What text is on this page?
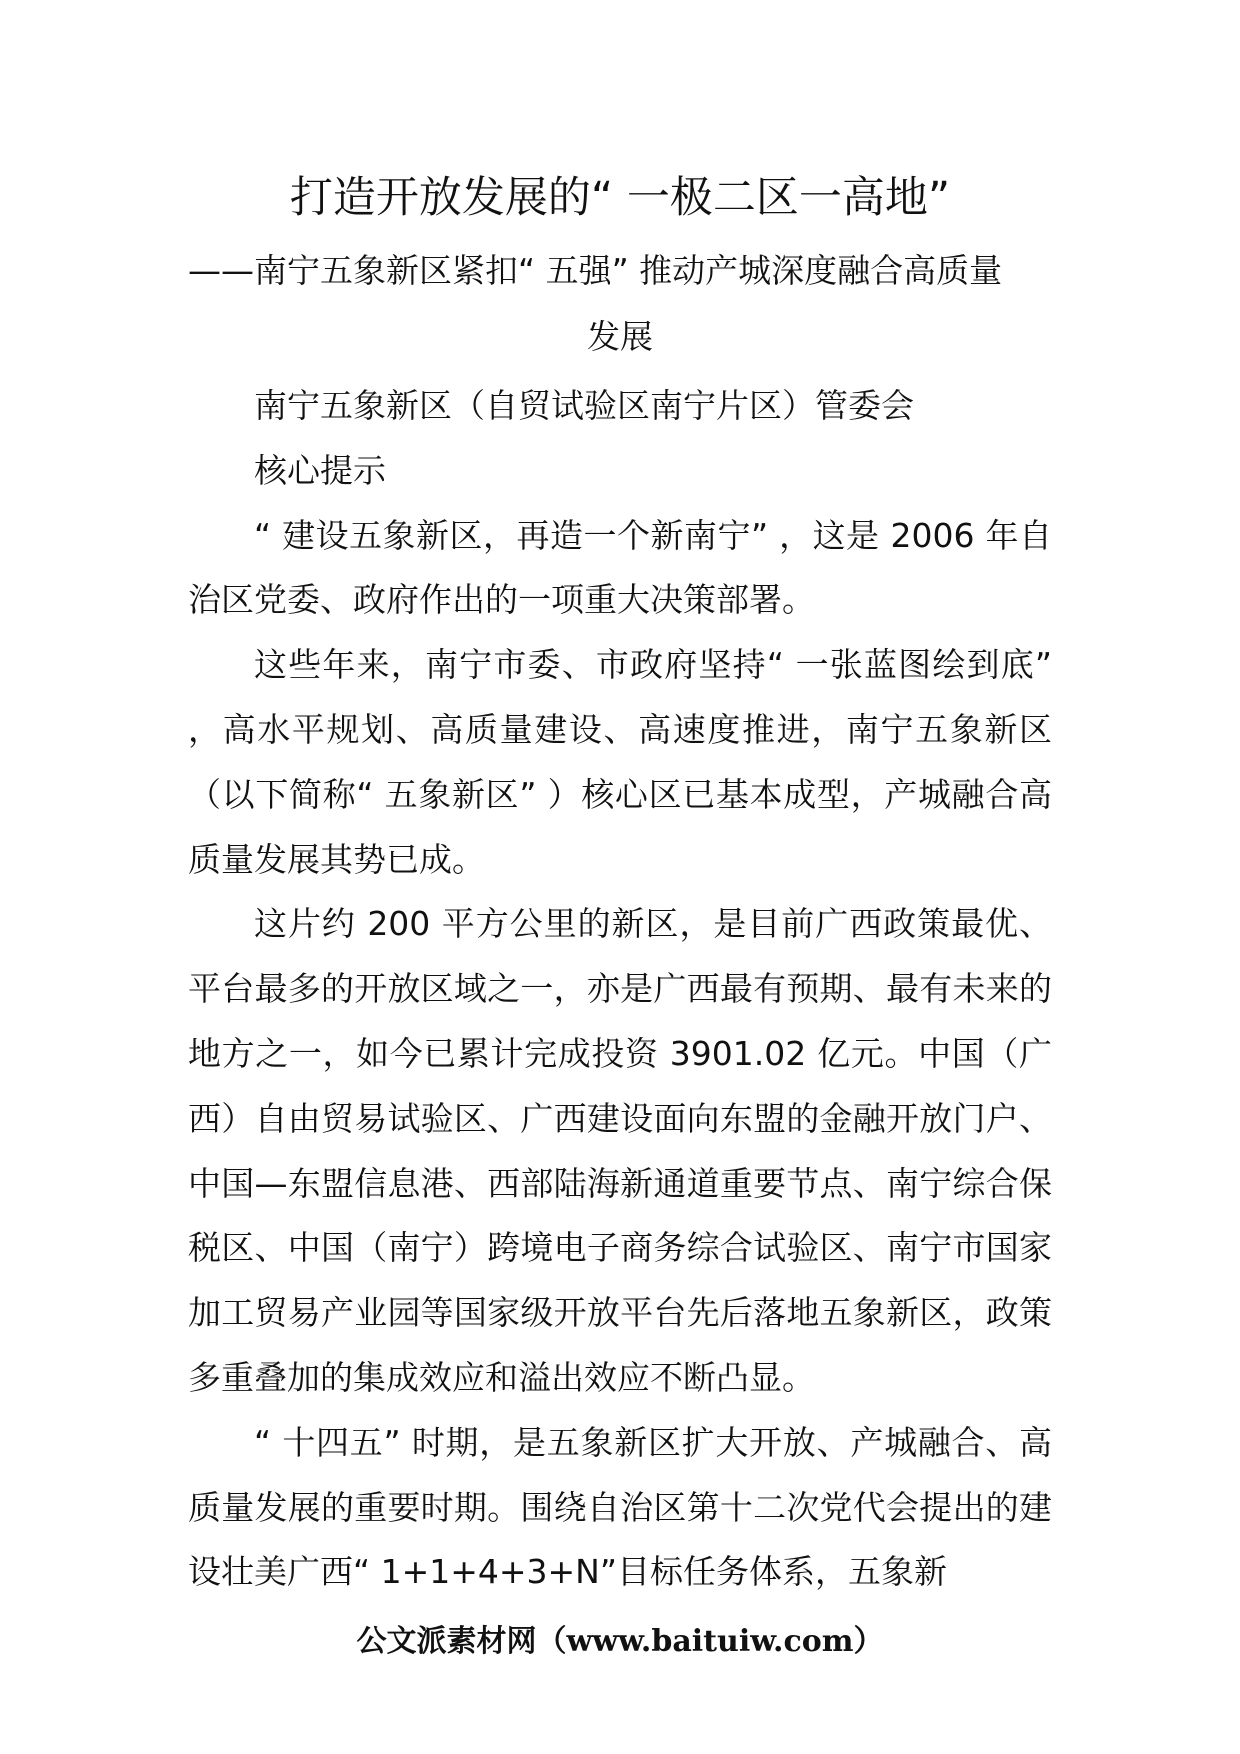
打造开放发展的“ 一极二区一高地”
——南宁五象新区紧扣“ 五强” 推动产城深度融合高质量
发展

南宁五象新区（自贸试验区南宁片区）管委会

核心提示

“ 建设五象新区，再造一个新南宁” ，这是 2006 年自治区党委、政府作出的一项重大决策部署。

这些年来，南宁市委、市政府坚持“ 一张蓝图绘到底” ，高水平规划、高质量建设、高速度推进，南宁五象新区（以下简称“ 五象新区” ）核心区已基本成型，产城融合高质量发展其势已成。

这片约 200 平方公里的新区，是目前广西政策最优、平台最多的开放区域之一，亦是广西最有预期、最有未来的地方之一，如今已累计完成投资 3901.02 亿元。中国（广西）自由贸易试验区、广西建设面向东盟的金融开放门户、中国—东盟信息港、西部陆海新通道重要节点、南宁综合保税区、中国（南宁）跨境电子商务综合试验区、南宁市国家加工贸易产业园等国家级开放平台先后落地五象新区，政策多重叠加的集成效应和溢出效应不断凸显。

“ 十四五” 时期，是五象新区扩大开放、产城融合、高质量发展的重要时期。围绕自治区第十二次党代会提出的建设壮美广西“ 1+1+4+3+N”目标任务体系，五象新

公文派素材网（www.baituiw.com）
